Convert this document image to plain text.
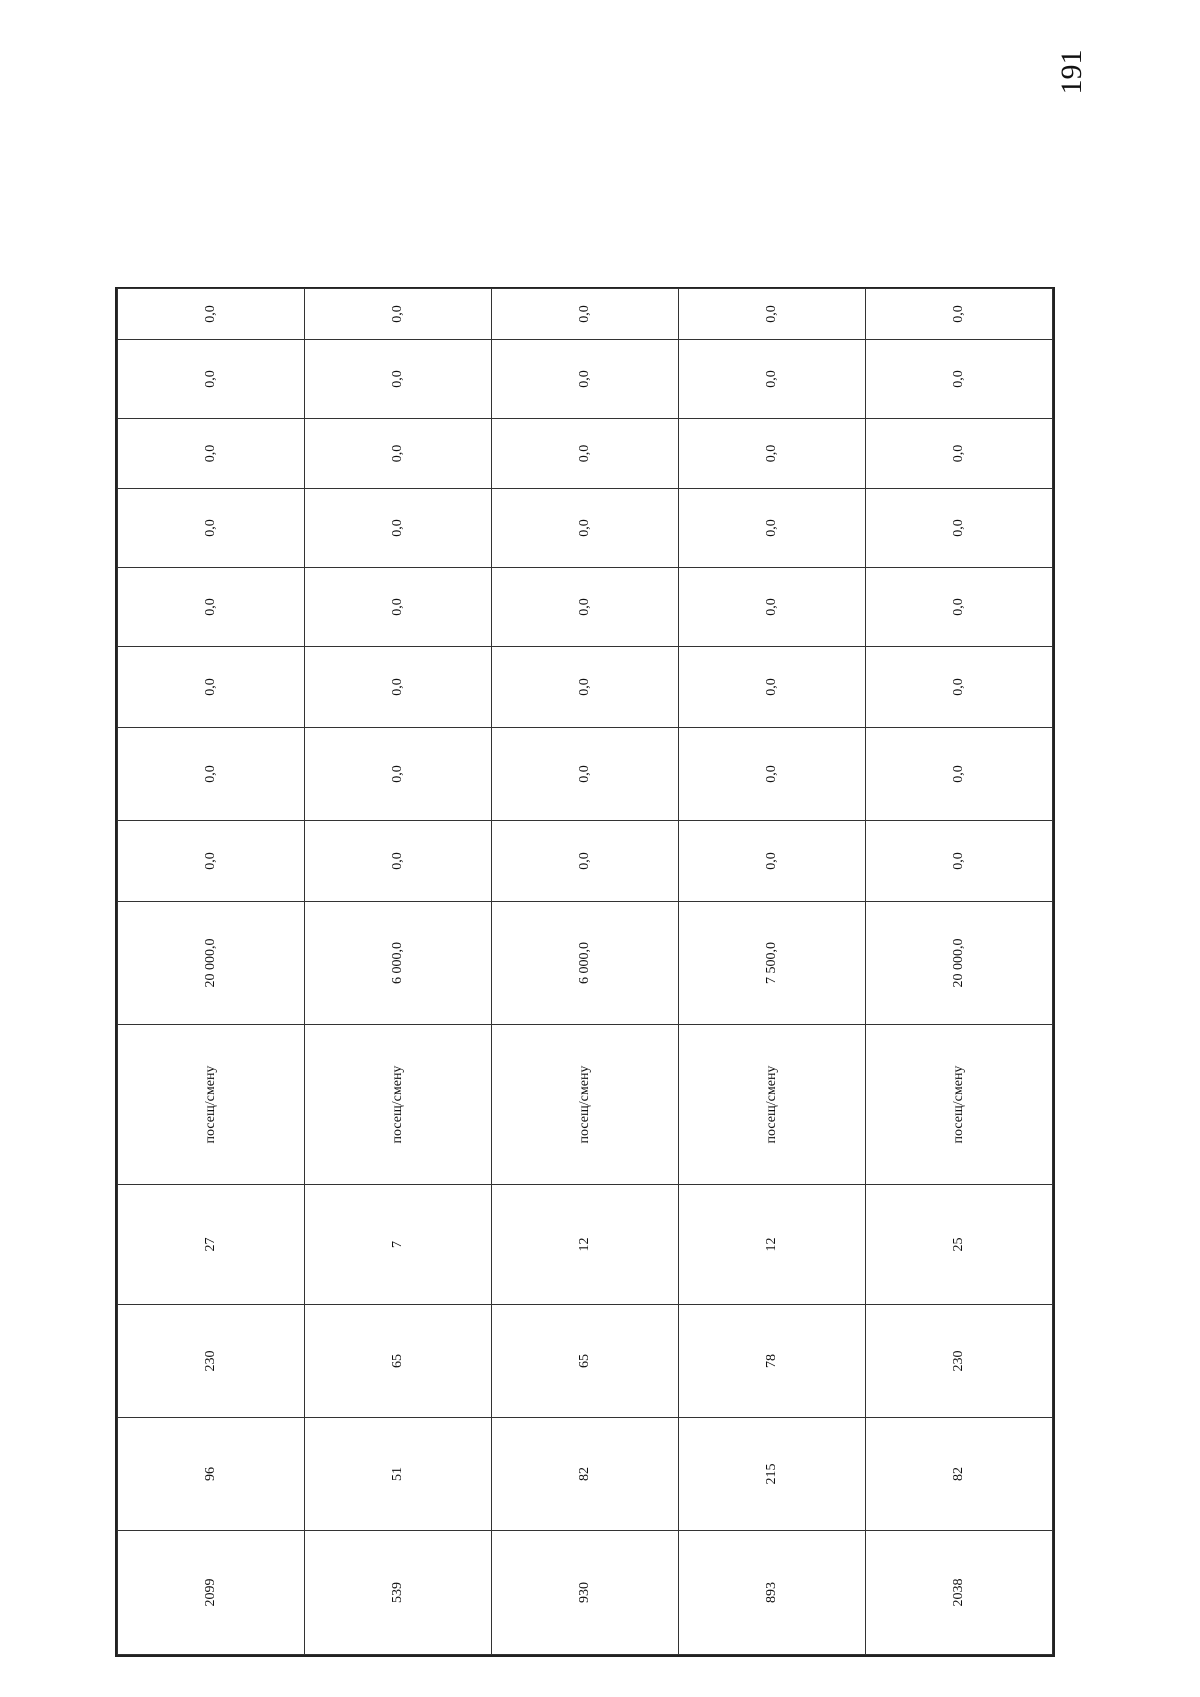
191
2099	96	230	27	посещ/смену	20 000,0	0,0	0,0	0,0	0,0	0,0	0,0	0,0	0,0
539	51	65	7	посещ/смену	6 000,0	0,0	0,0	0,0	0,0	0,0	0,0	0,0	0,0
930	82	65	12	посещ/смену	6 000,0	0,0	0,0	0,0	0,0	0,0	0,0	0,0	0,0
893	215	78	12	посещ/смену	7 500,0	0,0	0,0	0,0	0,0	0,0	0,0	0,0	0,0
2038	82	230	25	посещ/смену	20 000,0	0,0	0,0	0,0	0,0	0,0	0,0	0,0	0,0
